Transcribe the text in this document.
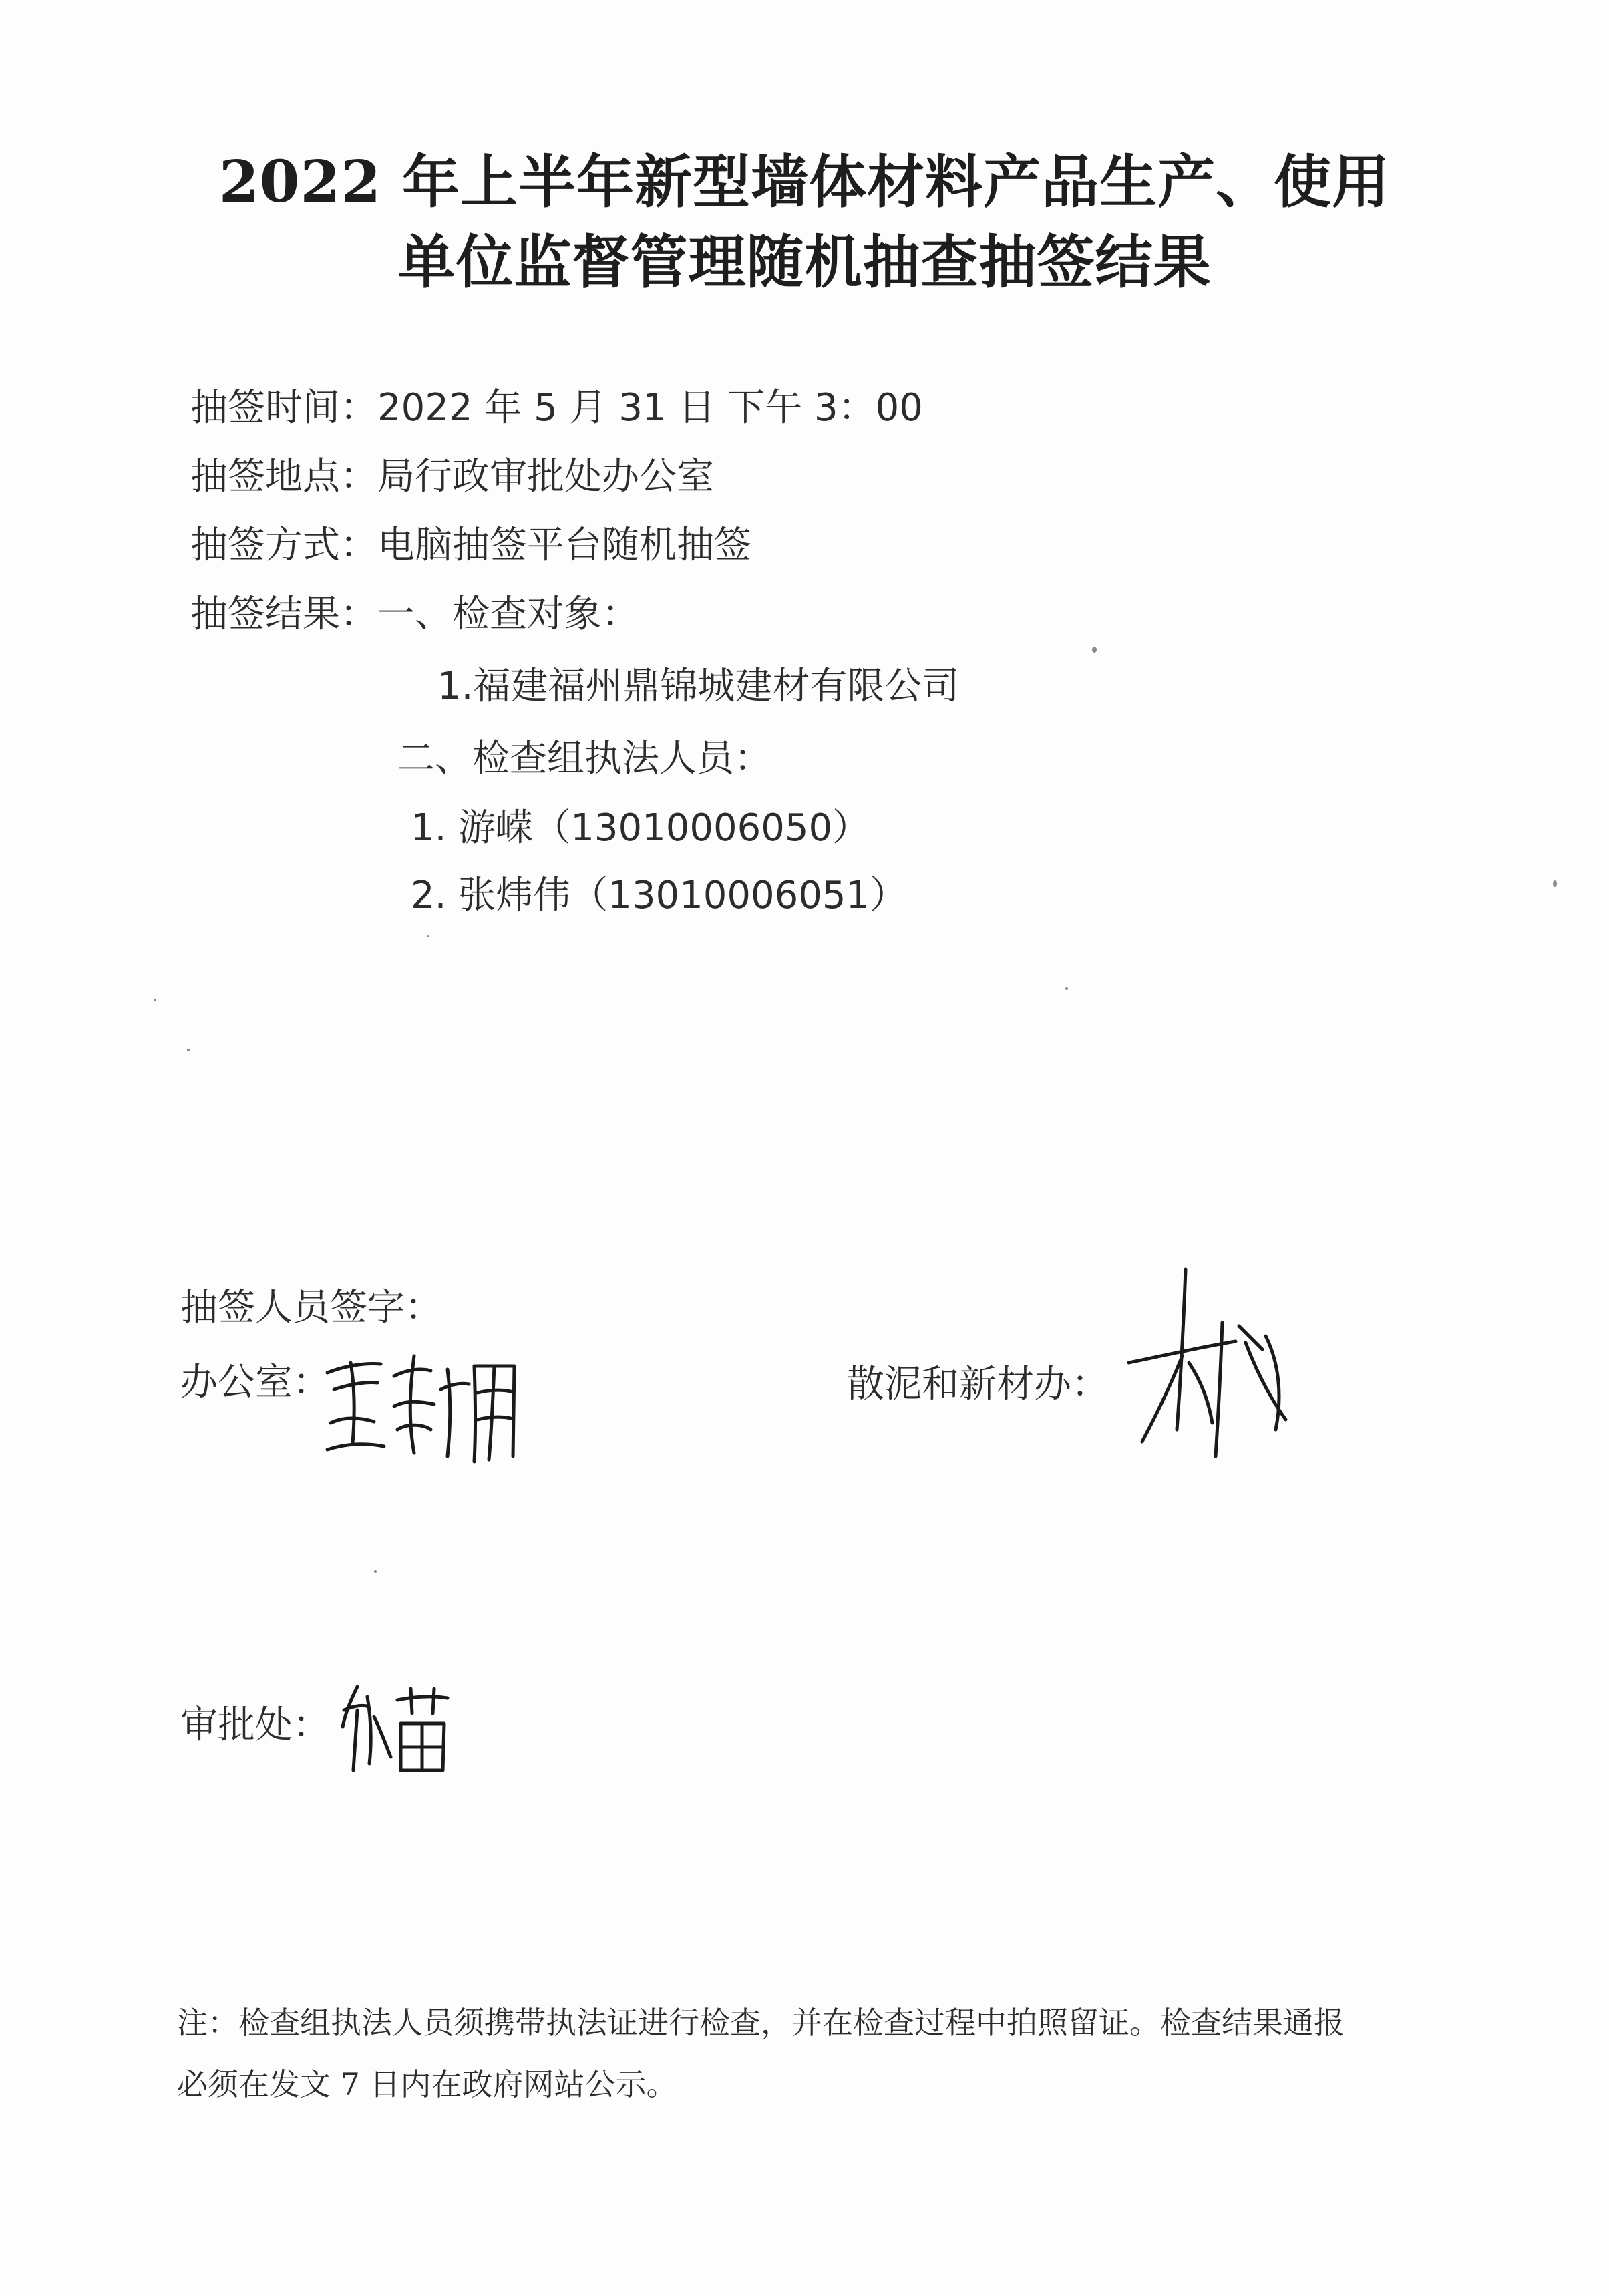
2022 年上半年新型墙体材料产品生产、使用
单位监督管理随机抽查抽签结果
抽签时间：2022 年 5 月 31 日 下午 3：00
抽签地点：局行政审批处办公室
抽签方式：电脑抽签平台随机抽签
抽签结果：一、检查对象：
1.福建福州鼎锦城建材有限公司
二、检查组执法人员：
1. 游嵘（13010006050）
2. 张炜伟（13010006051）
抽签人员签字：
办公室：	散泥和新材办：
审批处：
注：检查组执法人员须携带执法证进行检查，并在检查过程中拍照留证。检查结果通报
必须在发文 7 日内在政府网站公示。
